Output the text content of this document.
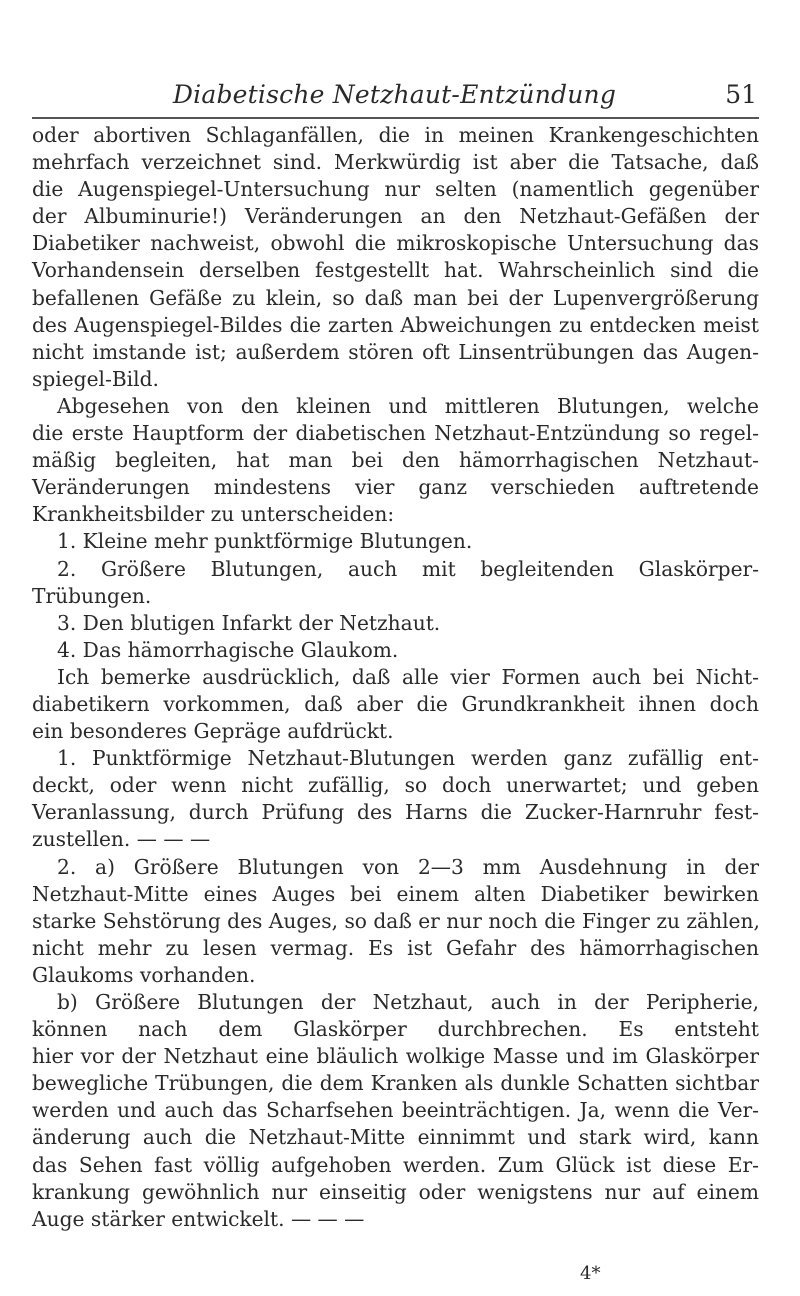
Diabetische Netzhaut-Entzündung	51
oder abortiven Schlaganfällen, die in meinen Krankengeschichten
mehrfach verzeichnet sind. Merkwürdig ist aber die Tatsache, daß
die Augenspiegel-Untersuchung nur selten (namentlich gegenüber
der Albuminurie!) Veränderungen an den Netzhaut-Gefäßen der
Diabetiker nachweist, obwohl die mikroskopische Untersuchung das
Vorhandensein derselben festgestellt hat. Wahrscheinlich sind die
befallenen Gefäße zu klein, so daß man bei der Lupenvergrößerung
des Augenspiegel-Bildes die zarten Abweichungen zu entdecken meist
nicht imstande ist; außerdem stören oft Linsentrübungen das Augen-
spiegel-Bild.
Abgesehen von den kleinen und mittleren Blutungen, welche
die erste Hauptform der diabetischen Netzhaut-Entzündung so regel-
mäßig begleiten, hat man bei den hämorrhagischen Netzhaut-
Veränderungen mindestens vier ganz verschieden auftretende
Krankheitsbilder zu unterscheiden:
1. Kleine mehr punktförmige Blutungen.
2. Größere Blutungen, auch mit begleitenden Glaskörper-
Trübungen.
3. Den blutigen Infarkt der Netzhaut.
4. Das hämorrhagische Glaukom.
Ich bemerke ausdrücklich, daß alle vier Formen auch bei Nicht-
diabetikern vorkommen, daß aber die Grundkrankheit ihnen doch
ein besonderes Gepräge aufdrückt.
1. Punktförmige Netzhaut-Blutungen werden ganz zufällig ent-
deckt, oder wenn nicht zufällig, so doch unerwartet; und geben
Veranlassung, durch Prüfung des Harns die Zucker-Harnruhr fest-
zustellen. — — —
2. a) Größere Blutungen von 2—3 mm Ausdehnung in der
Netzhaut-Mitte eines Auges bei einem alten Diabetiker bewirken
starke Sehstörung des Auges, so daß er nur noch die Finger zu zählen,
nicht mehr zu lesen vermag. Es ist Gefahr des hämorrhagischen
Glaukoms vorhanden.
b) Größere Blutungen der Netzhaut, auch in der Peripherie,
können nach dem Glaskörper durchbrechen. Es entsteht
hier vor der Netzhaut eine bläulich wolkige Masse und im Glaskörper
bewegliche Trübungen, die dem Kranken als dunkle Schatten sichtbar
werden und auch das Scharfsehen beeinträchtigen. Ja, wenn die Ver-
änderung auch die Netzhaut-Mitte einnimmt und stark wird, kann
das Sehen fast völlig aufgehoben werden. Zum Glück ist diese Er-
krankung gewöhnlich nur einseitig oder wenigstens nur auf einem
Auge stärker entwickelt. — — —
4*
